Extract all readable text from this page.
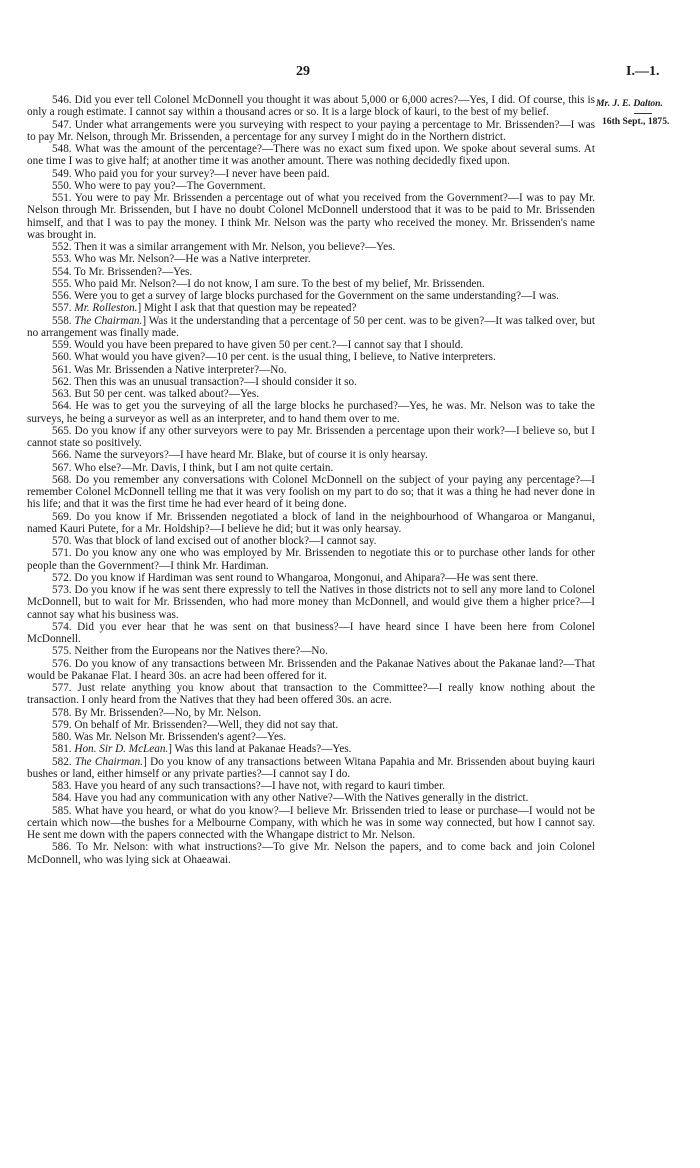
29	I.—1.
Mr. J. E. Dalton.
16th Sept., 1875.

546. Did you ever tell Colonel McDonnell you thought it was about 5,000 or 6,000 acres?—Yes, I did. Of course, this is only a rough estimate. I cannot say within a thousand acres or so. It is a large block of kauri, to the best of my belief.

547. Under what arrangements were you surveying with respect to your paying a percentage to Mr. Brissenden?—I was to pay Mr. Nelson, through Mr. Brissenden, a percentage for any survey I might do in the Northern district.

548. What was the amount of the percentage?—There was no exact sum fixed upon. We spoke about several sums. At one time I was to give half; at another time it was another amount. There was nothing decidedly fixed upon.

549. Who paid you for your survey?—I never have been paid.

550. Who were to pay you?—The Government.

551. You were to pay Mr. Brissenden a percentage out of what you received from the Government?—I was to pay Mr. Nelson through Mr. Brissenden, but I have no doubt Colonel McDonnell understood that it was to be paid to Mr. Brissenden himself, and that I was to pay the money. I think Mr. Nelson was the party who received the money. Mr. Brissenden's name was brought in.

552. Then it was a similar arrangement with Mr. Nelson, you believe?—Yes.

553. Who was Mr. Nelson?—He was a Native interpreter.

554. To Mr. Brissenden?—Yes.

555. Who paid Mr. Nelson?—I do not know, I am sure. To the best of my belief, Mr. Brissenden.

556. Were you to get a survey of large blocks purchased for the Government on the same understanding?—I was.

557. Mr. Rolleston.] Might I ask that that question may be repeated?

558. The Chairman.] Was it the understanding that a percentage of 50 per cent. was to be given?—It was talked over, but no arrangement was finally made.

559. Would you have been prepared to have given 50 per cent.?—I cannot say that I should.

560. What would you have given?—10 per cent. is the usual thing, I believe, to Native interpreters.

561. Was Mr. Brissenden a Native interpreter?—No.

562. Then this was an unusual transaction?—I should consider it so.

563. But 50 per cent. was talked about?—Yes.

564. He was to get you the surveying of all the large blocks he purchased?—Yes, he was. Mr. Nelson was to take the surveys, he being a surveyor as well as an interpreter, and to hand them over to me.

565. Do you know if any other surveyors were to pay Mr. Brissenden a percentage upon their work?—I believe so, but I cannot state so positively.

566. Name the surveyors?—I have heard Mr. Blake, but of course it is only hearsay.

567. Who else?—Mr. Davis, I think, but I am not quite certain.

568. Do you remember any conversations with Colonel McDonnell on the subject of your paying any percentage?—I remember Colonel McDonnell telling me that it was very foolish on my part to do so; that it was a thing he had never done in his life; and that it was the first time he had ever heard of it being done.

569. Do you know if Mr. Brissenden negotiated a block of land in the neighbourhood of Whangaroa or Manganui, named Kauri Putete, for a Mr. Holdship?—I believe he did; but it was only hearsay.

570. Was that block of land excised out of another block?—I cannot say.

571. Do you know any one who was employed by Mr. Brissenden to negotiate this or to purchase other lands for other people than the Government?—I think Mr. Hardiman.

572. Do you know if Hardiman was sent round to Whangaroa, Mongonui, and Ahipara?—He was sent there.

573. Do you know if he was sent there expressly to tell the Natives in those districts not to sell any more land to Colonel McDonnell, but to wait for Mr. Brissenden, who had more money than McDonnell, and would give them a higher price?—I cannot say what his business was.

574. Did you ever hear that he was sent on that business?—I have heard since I have been here from Colonel McDonnell.

575. Neither from the Europeans nor the Natives there?—No.

576. Do you know of any transactions between Mr. Brissenden and the Pakanae Natives about the Pakanae land?—That would be Pakanae Flat. I heard 30s. an acre had been offered for it.

577. Just relate anything you know about that transaction to the Committee?—I really know nothing about the transaction. I only heard from the Natives that they had been offered 30s. an acre.

578. By Mr. Brissenden?—No, by Mr. Nelson.

579. On behalf of Mr. Brissenden?—Well, they did not say that.

580. Was Mr. Nelson Mr. Brissenden's agent?—Yes.

581. Hon. Sir D. McLean.] Was this land at Pakanae Heads?—Yes.

582. The Chairman.] Do you know of any transactions between Witana Papahia and Mr. Brissenden about buying kauri bushes or land, either himself or any private parties?—I cannot say I do.

583. Have you heard of any such transactions?—I have not, with regard to kauri timber.

584. Have you had any communication with any other Native?—With the Natives generally in the district.

585. What have you heard, or what do you know?—I believe Mr. Brissenden tried to lease or purchase—I would not be certain which now—the bushes for a Melbourne Company, with which he was in some way connected, but how I cannot say. He sent me down with the papers connected with the Whangape district to Mr. Nelson.

586. To Mr. Nelson: with what instructions?—To give Mr. Nelson the papers, and to come back and join Colonel McDonnell, who was lying sick at Ohaeawai.
